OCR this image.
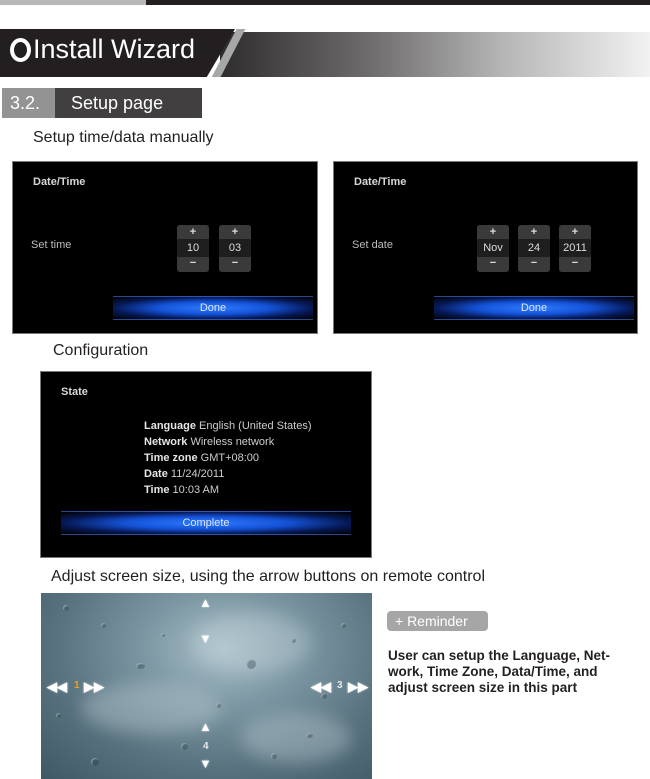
Install Wizard
3.2.	Setup page
Setup time/data manually
Date/Time
Set time
+
10
−
+
03
−
Done
Date/Time
Set date
+
Nov
−
+
24
−
+
2011
−
Done
Configuration
State
Language English (United States)
Network Wireless network
Time zone GMT+08:00
Date 11/24/2011
Time 10:03 AM
Complete
Adjust screen size, using the arrow buttons on remote control
▲
▼
◀◀ 1 ▶▶	◀◀ 3 ▶▶
▲
4
▼
+ Reminder
User can setup the Language, Net-work, Time Zone, Data/Time, and adjust screen size in this part
